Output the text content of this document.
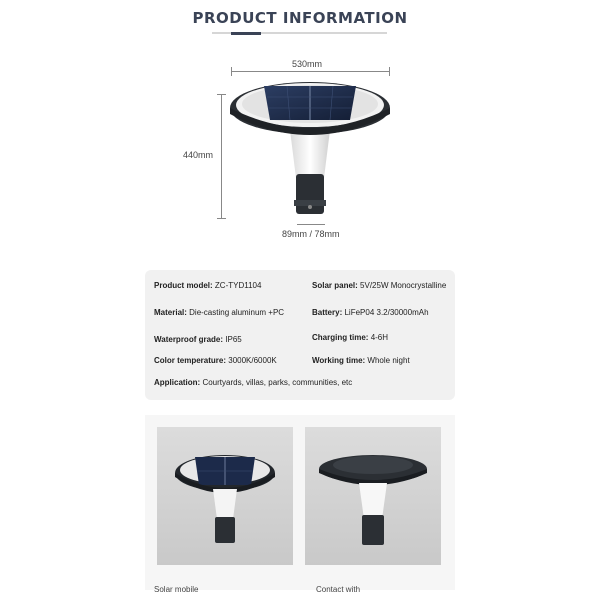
PRODUCT INFORMATION
530mm
440mm
89mm / 78mm
Product model: ZC-TYD1104	Solar panel: 5V/25W Monocrystalline
Material: Die-casting aluminum +PC	Battery: LiFeP04 3.2/30000mAh
Waterproof grade: IP65	Charging time: 4-6H
Color temperature: 3000K/6000K	Working time: Whole night
Application: Courtyards, villas, parks, communities, etc
Solar mobile	Contact with
